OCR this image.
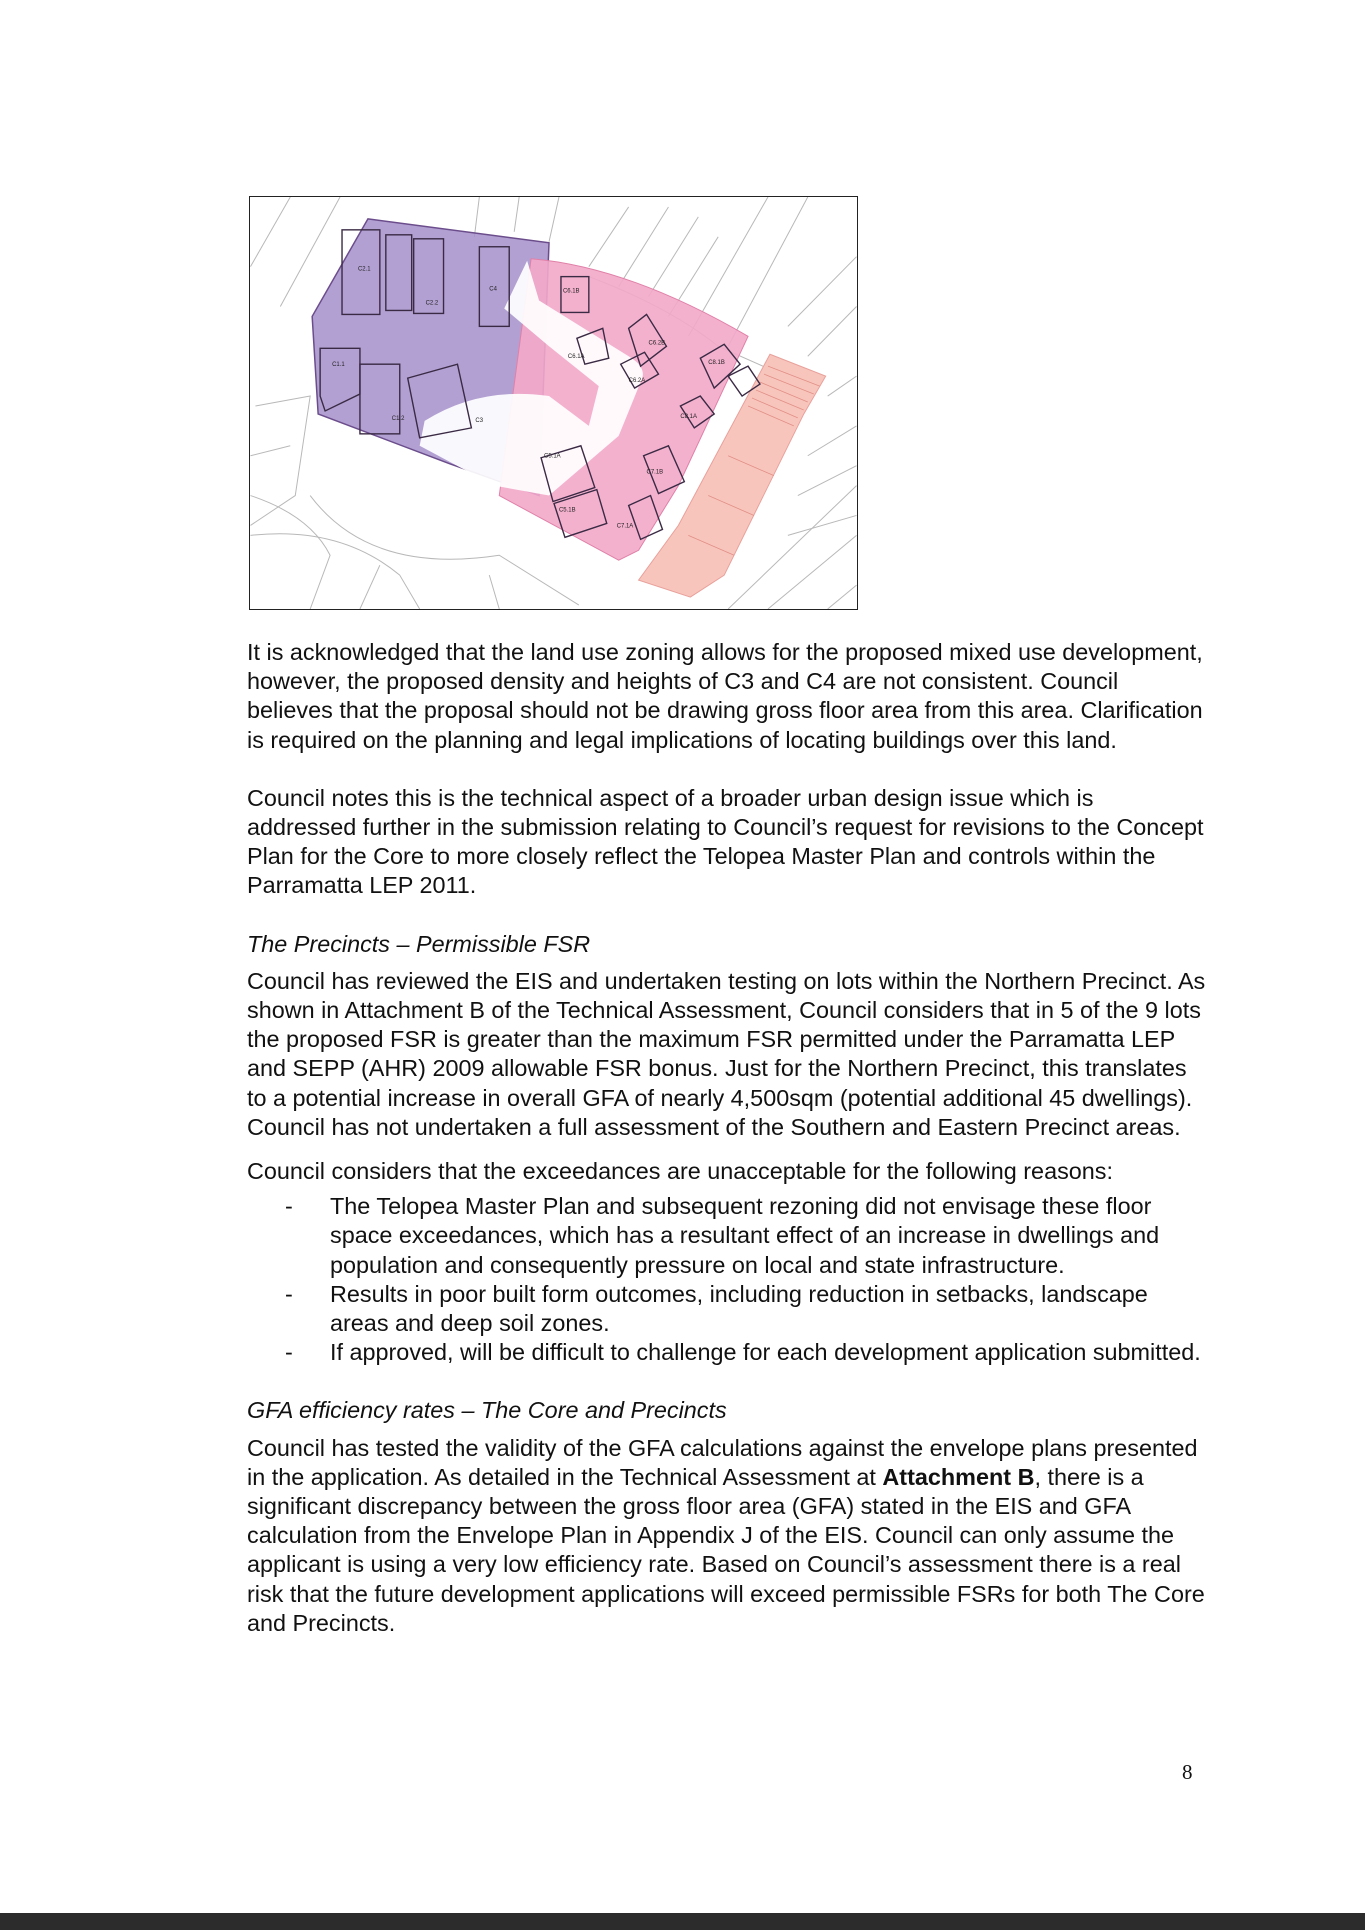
C2.1
C2.2
C4
C1.1
C1.2	C3
C6.1B
C6.1A
C6.2B
C6.2A
C8.1B
C8.1A
C5.1A
C5.1B
C7.1B
C7.1A

It is acknowledged that the land use zoning allows for the proposed mixed use development, however, the proposed density and heights of C3 and C4 are not consistent. Council believes that the proposal should not be drawing gross floor area from this area. Clarification is required on the planning and legal implications of locating buildings over this land.

Council notes this is the technical aspect of a broader urban design issue which is addressed further in the submission relating to Council’s request for revisions to the Concept Plan for the Core to more closely reflect the Telopea Master Plan and controls within the Parramatta LEP 2011.

The Precincts – Permissible FSR

Council has reviewed the EIS and undertaken testing on lots within the Northern Precinct. As shown in Attachment B of the Technical Assessment, Council considers that in 5 of the 9 lots the proposed FSR is greater than the maximum FSR permitted under the Parramatta LEP and SEPP (AHR) 2009 allowable FSR bonus. Just for the Northern Precinct, this translates to a potential increase in overall GFA of nearly 4,500sqm (potential additional 45 dwellings). Council has not undertaken a full assessment of the Southern and Eastern Precinct areas.

Council considers that the exceedances are unacceptable for the following reasons:

- The Telopea Master Plan and subsequent rezoning did not envisage these floor space exceedances, which has a resultant effect of an increase in dwellings and population and consequently pressure on local and state infrastructure.
- Results in poor built form outcomes, including reduction in setbacks, landscape areas and deep soil zones.
- If approved, will be difficult to challenge for each development application submitted.

GFA efficiency rates – The Core and Precincts

Council has tested the validity of the GFA calculations against the envelope plans presented in the application. As detailed in the Technical Assessment at Attachment B, there is a significant discrepancy between the gross floor area (GFA) stated in the EIS and GFA calculation from the Envelope Plan in Appendix J of the EIS. Council can only assume the applicant is using a very low efficiency rate. Based on Council’s assessment there is a real risk that the future development applications will exceed permissible FSRs for both The Core and Precincts.

8
